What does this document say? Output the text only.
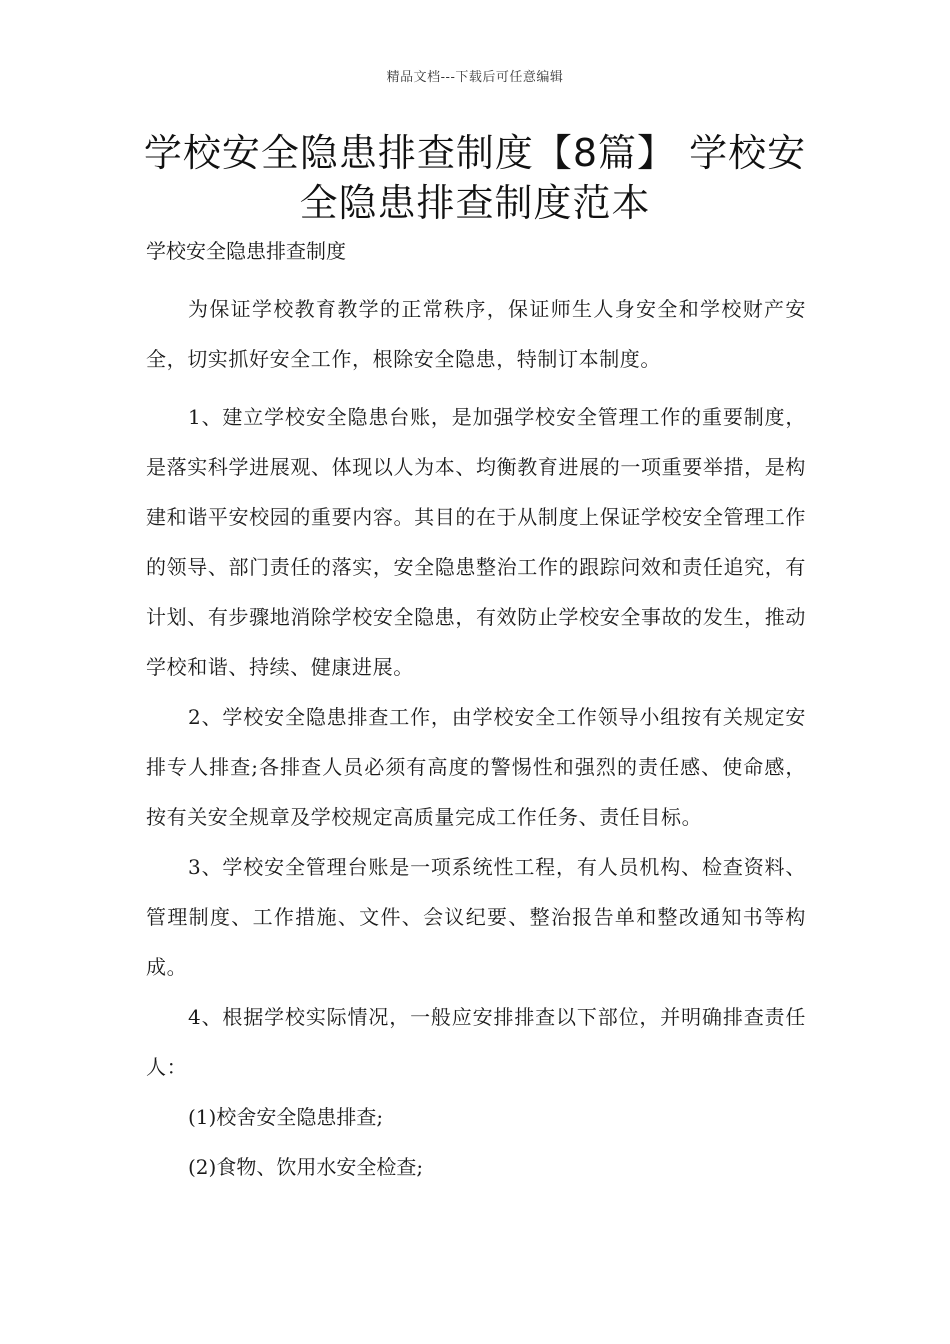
精品文档---下载后可任意编辑
学校安全隐患排查制度【8篇】 学校安全隐患排查制度范本
学校安全隐患排查制度

为保证学校教育教学的正常秩序，保证师生人身安全和学校财产安全，切实抓好安全工作，根除安全隐患，特制订本制度。

1、建立学校安全隐患台账，是加强学校安全管理工作的重要制度，是落实科学进展观、体现以人为本、均衡教育进展的一项重要举措，是构建和谐平安校园的重要内容。其目的在于从制度上保证学校安全管理工作的领导、部门责任的落实，安全隐患整治工作的跟踪问效和责任追究，有计划、有步骤地消除学校安全隐患，有效防止学校安全事故的发生，推动学校和谐、持续、健康进展。

2、学校安全隐患排查工作，由学校安全工作领导小组按有关规定安排专人排查;各排查人员必须有高度的警惕性和强烈的责任感、使命感，按有关安全规章及学校规定高质量完成工作任务、责任目标。

3、学校安全管理台账是一项系统性工程，有人员机构、检查资料、管理制度、工作措施、文件、会议纪要、整治报告单和整改通知书等构成。

4、根据学校实际情况，一般应安排排查以下部位，并明确排查责任人：

(1)校舍安全隐患排查;

(2)食物、饮用水安全检查;
